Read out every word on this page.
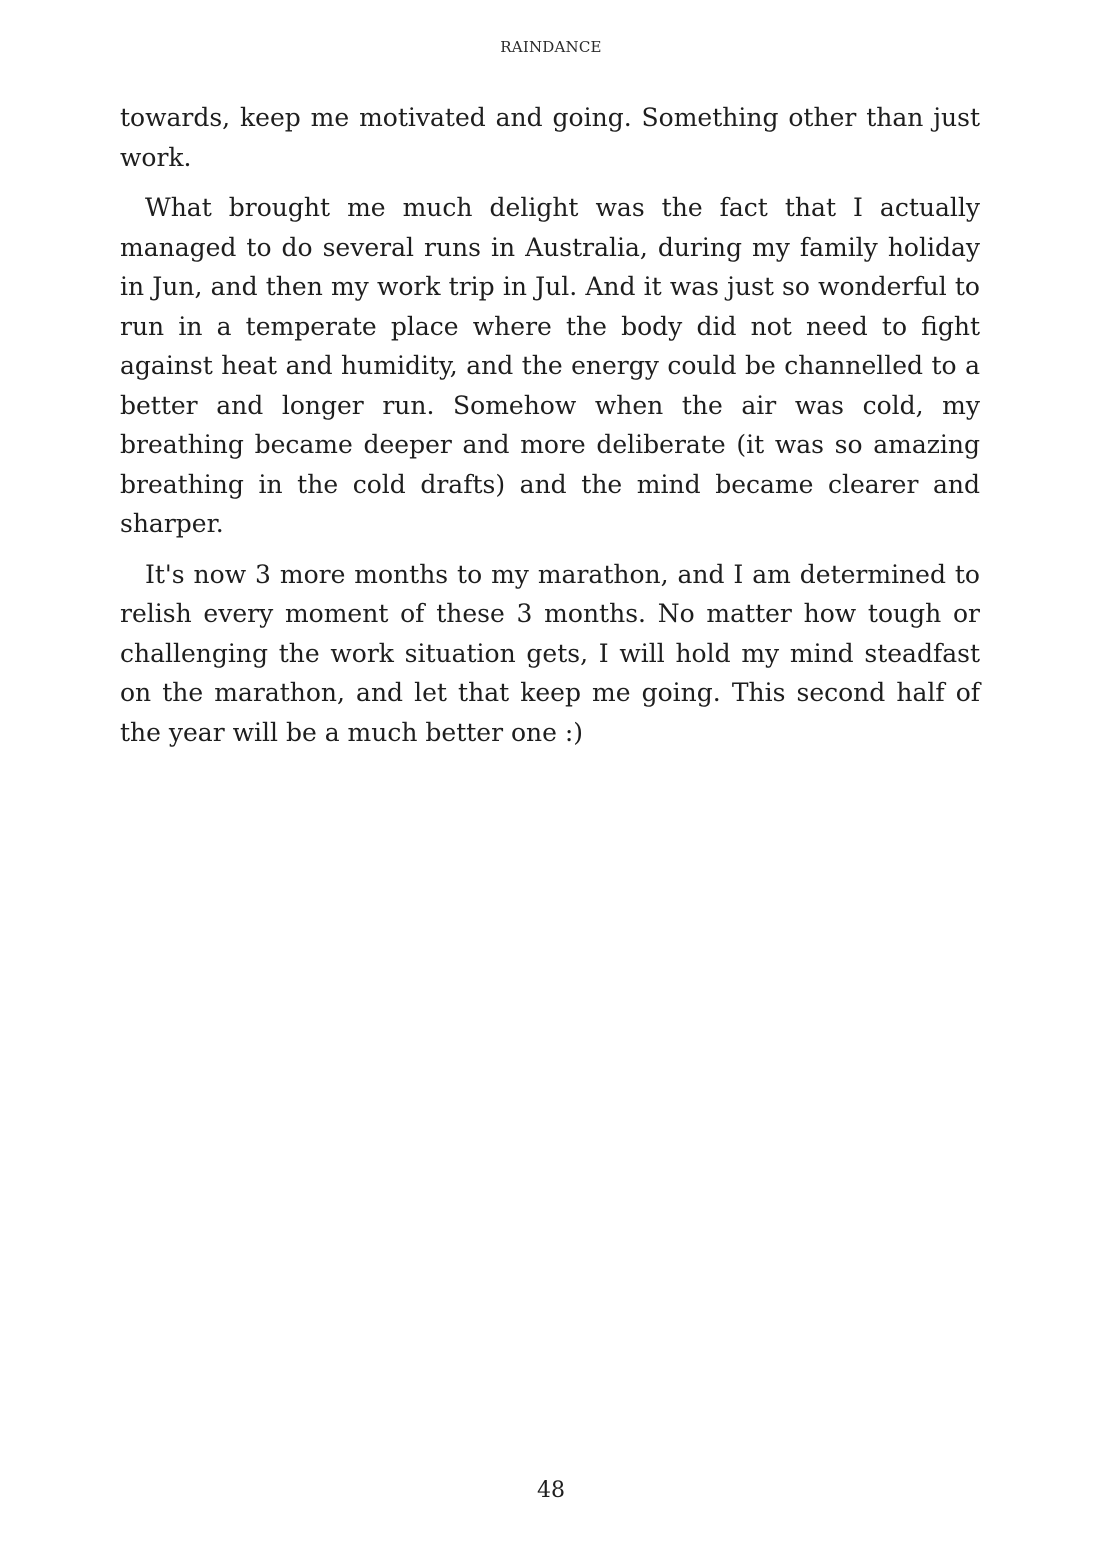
RAINDANCE

towards, keep me motivated and going. Something other than just work.

What brought me much delight was the fact that I actually managed to do several runs in Australia, during my family holiday in Jun, and then my work trip in Jul. And it was just so wonderful to run in a temperate place where the body did not need to fight against heat and humidity, and the energy could be channelled to a better and longer run. Somehow when the air was cold, my breathing became deeper and more deliberate (it was so amazing breathing in the cold drafts) and the mind became clearer and sharper.

It's now 3 more months to my marathon, and I am determined to relish every moment of these 3 months. No matter how tough or challenging the work situation gets, I will hold my mind steadfast on the marathon, and let that keep me going. This second half of the year will be a much better one :)

48
